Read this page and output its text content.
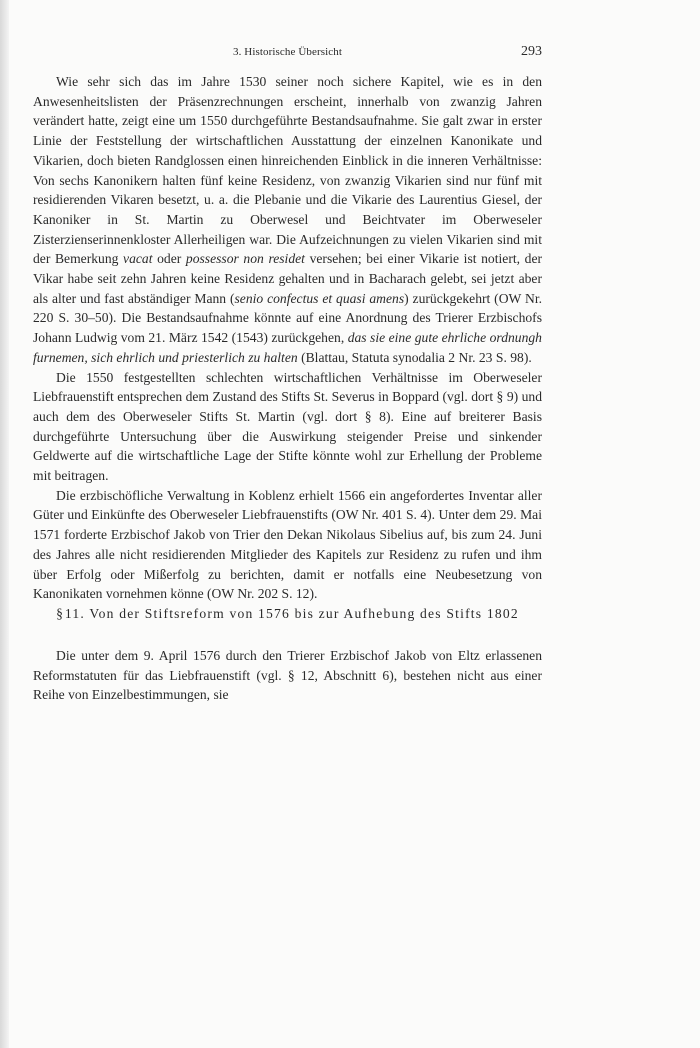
3. Historische Übersicht	293

Wie sehr sich das im Jahre 1530 seiner noch sichere Kapitel, wie es in den Anwesenheitslisten der Präsenzrechnungen erscheint, innerhalb von zwanzig Jahren verändert hatte, zeigt eine um 1550 durchgeführte Bestandsaufnahme. Sie galt zwar in erster Linie der Feststellung der wirtschaftlichen Ausstattung der einzelnen Kanonikate und Vikarien, doch bieten Randglossen einen hinreichenden Einblick in die inneren Verhältnisse: Von sechs Kanonikern halten fünf keine Residenz, von zwanzig Vikarien sind nur fünf mit residierenden Vikaren besetzt, u. a. die Plebanie und die Vikarie des Laurentius Giesel, der Kanoniker in St. Martin zu Oberwesel und Beichtvater im Oberweseler Zisterzienserinnenkloster Allerheiligen war. Die Aufzeichnungen zu vielen Vikarien sind mit der Bemerkung vacat oder possessor non residet versehen; bei einer Vikarie ist notiert, der Vikar habe seit zehn Jahren keine Residenz gehalten und in Bacharach gelebt, sei jetzt aber als alter und fast abständiger Mann (senio confectus et quasi amens) zurückgekehrt (OW Nr. 220 S. 30–50). Die Bestandsaufnahme könnte auf eine Anordnung des Trierer Erzbischofs Johann Ludwig vom 21. März 1542 (1543) zurückgehen, das sie eine gute ehrliche ordnungh furnemen, sich ehrlich und priesterlich zu halten (Blattau, Statuta synodalia 2 Nr. 23 S. 98).

Die 1550 festgestellten schlechten wirtschaftlichen Verhältnisse im Oberweseler Liebfrauenstift entsprechen dem Zustand des Stifts St. Severus in Boppard (vgl. dort § 9) und auch dem des Oberweseler Stifts St. Martin (vgl. dort § 8). Eine auf breiterer Basis durchgeführte Untersuchung über die Auswirkung steigender Preise und sinkender Geldwerte auf die wirtschaftliche Lage der Stifte könnte wohl zur Erhellung der Probleme mit beitragen.

Die erzbischöfliche Verwaltung in Koblenz erhielt 1566 ein angefordertes Inventar aller Güter und Einkünfte des Oberweseler Liebfrauenstifts (OW Nr. 401 S. 4). Unter dem 29. Mai 1571 forderte Erzbischof Jakob von Trier den Dekan Nikolaus Sibelius auf, bis zum 24. Juni des Jahres alle nicht residierenden Mitglieder des Kapitels zur Residenz zu rufen und ihm über Erfolg oder Mißerfolg zu berichten, damit er notfalls eine Neubesetzung von Kanonikaten vornehmen könne (OW Nr. 202 S. 12).

§ 11. Von der Stiftsreform von 1576 bis zur Aufhebung des Stifts 1802

Die unter dem 9. April 1576 durch den Trierer Erzbischof Jakob von Eltz erlassenen Reformstatuten für das Liebfrauenstift (vgl. § 12, Abschnitt 6), bestehen nicht aus einer Reihe von Einzelbestimmungen, sie
